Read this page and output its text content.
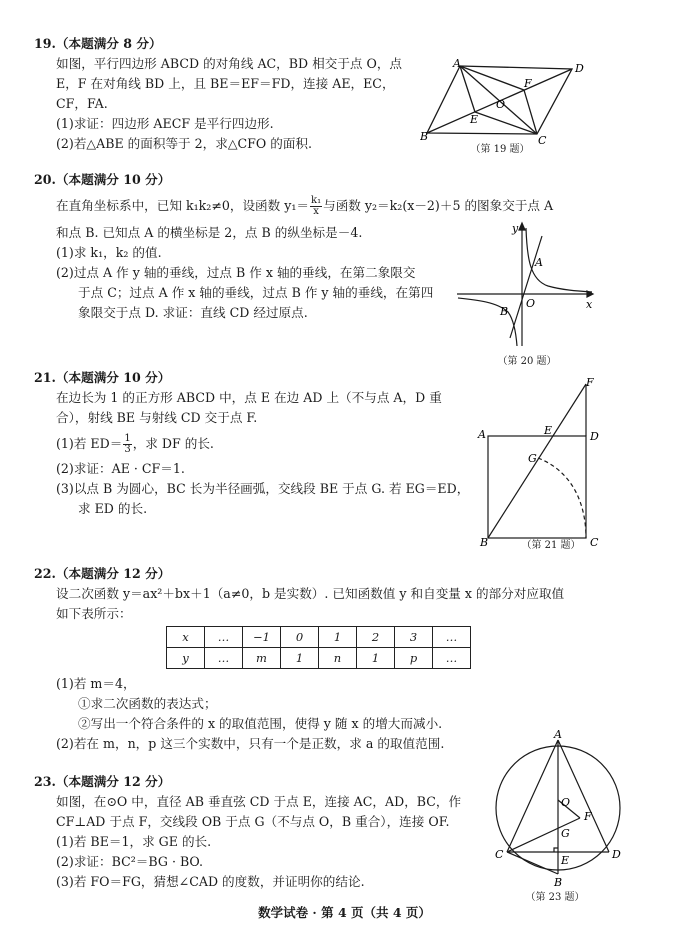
19.（本题满分 8 分）
如图，平行四边形 ABCD 的对角线 AC，BD 相交于点 O，点
E，F 在对角线 BD 上，且 BE＝EF＝FD，连接 AE，EC，
CF，FA.
(1)求证：四边形 AECF 是平行四边形.
(2)若△ABE 的面积等于 2，求△CFO 的面积.
A	D
F
O
E
B	C
（第 19 题）
20.（本题满分 10 分）
在直角坐标系中，已知 k₁k₂≠0，设函数 $y_1= \frac{\text{k₁}}{x}$ 与函数 y₂＝k₂(x－2)＋5 的图象交于点 A
和点 B. 已知点 A 的横坐标是 2，点 B 的纵坐标是－4.
(1)求 k₁，k₂ 的值.
(2)过点 A 作 y 轴的垂线，过点 B 作 x 轴的垂线，在第二象限交
于点 C；过点 A 作 x 轴的垂线，过点 B 作 y 轴的垂线，在第四
象限交于点 D. 求证：直线 CD 经过原点.
y
A
O	x
B
（第 20 题）
21.（本题满分 10 分）
在边长为 1 的正方形 ABCD 中，点 E 在边 AD 上（不与点 A，D 重
合），射线 BE 与射线 CD 交于点 F.
(1)若 $ED= \frac{1}{3}$ ，求 DF 的长.
(2)求证：AE · CF＝1.
(3)以点 B 为圆心，BC 长为半径画弧，交线段 BE 于点 G. 若 EG＝ED，
求 ED 的长.
F
A	E	D
G
B	C
（第 21 题）
22.（本题满分 12 分）
设二次函数 y＝ax²＋bx＋1（a≠0，b 是实数）. 已知函数值 y 和自变量 x 的部分对应取值
如下表所示：
x	…	−1	0	1	2	3	…
y	…	m	1	n	1	p	…
(1)若 m＝4，
①求二次函数的表达式；
②写出一个符合条件的 x 的取值范围，使得 y 随 x 的增大而减小.
(2)若在 m，n，p 这三个实数中，只有一个是正数，求 a 的取值范围.
23.（本题满分 12 分）
如图，在⊙O 中，直径 AB 垂直弦 CD 于点 E，连接 AC，AD，BC，作
CF⊥AD 于点 F，交线段 OB 于点 G（不与点 O，B 重合），连接 OF.
(1)若 BE＝1，求 GE 的长.
(2)求证：BC²＝BG · BO.
(3)若 FO＝FG，猜想∠CAD 的度数，并证明你的结论.
A
O
F
G
C	E	D
B
（第 23 题）
数学试卷 · 第 4 页（共 4 页）
